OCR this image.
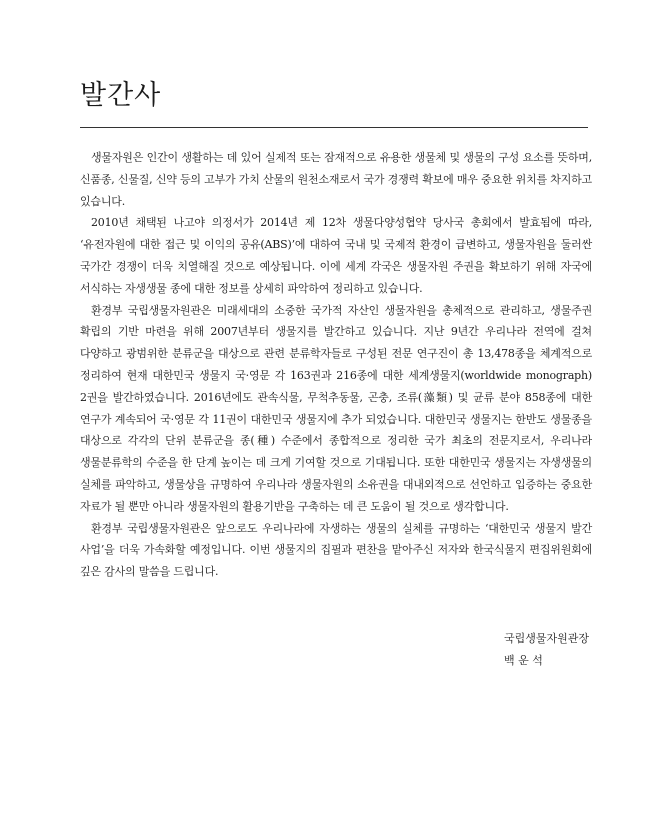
발간사

생물자원은 인간이 생활하는 데 있어 실제적 또는 잠재적으로 유용한 생물체 및 생물의 구성 요소를 뜻하며, 신품종, 신물질, 신약 등의 고부가 가치 산물의 원천소재로서 국가 경쟁력 확보에 매우 중요한 위치를 차지하고 있습니다.

2010년 채택된 나고야 의정서가 2014년 제 12차 생물다양성협약 당사국 총회에서 발효됨에 따라, ‘유전자원에 대한 접근 및 이익의 공유(ABS)’에 대하여 국내 및 국제적 환경이 급변하고, 생물자원을 둘러싼 국가간 경쟁이 더욱 치열해질 것으로 예상됩니다. 이에 세계 각국은 생물자원 주권을 확보하기 위해 자국에 서식하는 자생생물 종에 대한 정보를 상세히 파악하여 정리하고 있습니다.

환경부 국립생물자원관은 미래세대의 소중한 국가적 자산인 생물자원을 총체적으로 관리하고, 생물주권 확립의 기반 마련을 위해 2007년부터 생물지를 발간하고 있습니다. 지난 9년간 우리나라 전역에 걸쳐 다양하고 광범위한 분류군을 대상으로 관련 분류학자들로 구성된 전문 연구진이 총 13,478종을 체계적으로 정리하여 현재 대한민국 생물지 국·영문 각 163권과 216종에 대한 세계생물지(worldwide monograph) 2권을 발간하였습니다. 2016년에도 관속식물, 무척추동물, 곤충, 조류(藻類) 및 균류 분야 858종에 대한 연구가 계속되어 국·영문 각 11권이 대한민국 생물지에 추가 되었습니다. 대한민국 생물지는 한반도 생물종을 대상으로 각각의 단위 분류군을 종(種) 수준에서 종합적으로 정리한 국가 최초의 전문지로서, 우리나라 생물분류학의 수준을 한 단계 높이는 데 크게 기여할 것으로 기대됩니다. 또한 대한민국 생물지는 자생생물의 실체를 파악하고, 생물상을 규명하여 우리나라 생물자원의 소유권을 대내외적으로 선언하고 입증하는 중요한 자료가 될 뿐만 아니라 생물자원의 활용기반을 구축하는 데 큰 도움이 될 것으로 생각합니다.

환경부 국립생물자원관은 앞으로도 우리나라에 자생하는 생물의 실체를 규명하는 ‘대한민국 생물지 발간 사업’을 더욱 가속화할 예정입니다. 이번 생물지의 집필과 편찬을 맡아주신 저자와 한국식물지 편집위원회에 깊은 감사의 말씀을 드립니다.

국립생물자원관장
백 운 석
